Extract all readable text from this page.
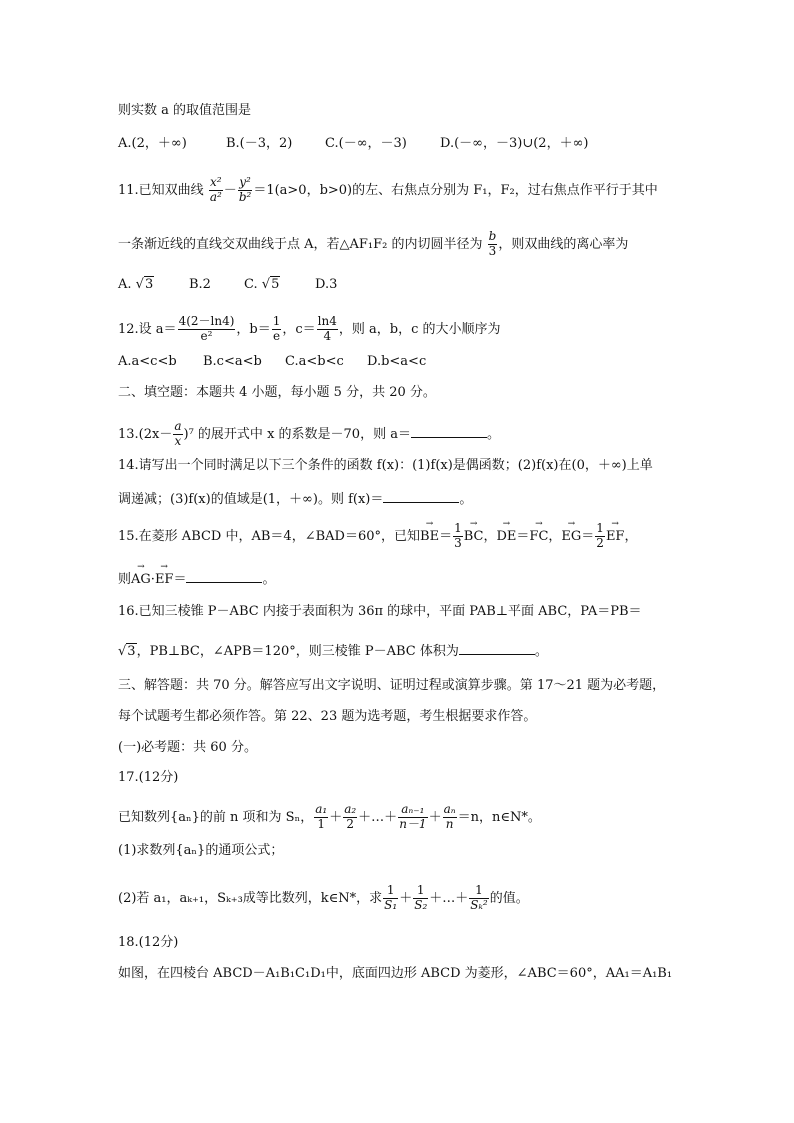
则实数 a 的取值范围是
A.(2，＋∞)	B.(－3，2)	C.(－∞，－3)	D.(－∞，－3)∪(2，＋∞)
11.已知双曲线 $\frac{\text{x²}}{\text{a²}} - \frac{\text{y²}}{\text{b²}} =1(a>0$，b>0)的左、右焦点分别为 F₁，F₂，过右焦点作平行于其中
一条渐近线的直线交双曲线于点 A，若△AF₁F₂ 的内切圆半径为 $\frac{b}{3}$ ，则双曲线的离心率为
A. √3	B.2	C. √5	D.3
12.设 $a= \frac{4(2-\ln 4)}{\text{e²}}$ ，$b= \frac{1}{e}$ ，$c= \frac{\ln 4}{4}$ ，则 a，b，c 的大小顺序为
A.a<c<b B.c<a<b C.a<b<c D.b<a<c
二、填空题：本题共 4 小题，每小题 5 分，共 20 分。
$13.(2x- \frac{a}{x} )^7$ 的展开式中 x 的系数是－70，则 a＝	。
14.请写出一个同时满足以下三个条件的函数 f(x)：(1)f(x)是偶函数；(2)f(x)在(0，＋∞)上单
调递减；(3)f(x)的值域是(1，＋∞)。则 f(x)＝	。
15.在菱形 ABCD 中，AB＝4，∠BAD＝60°，已知→ $BE= \frac{1}{3}$ → BC，→ DE＝→ FC，→ $EG= \frac{1}{2}$ → EF，
则→ AG·→ EF＝	。
16.已知三棱锥 P－ABC 内接于表面积为 36π 的球中，平面 PAB⊥平面 ABC，PA＝PB＝
√3，PB⊥BC，∠APB＝120°，则三棱锥 P－ABC 体积为	。
三、解答题：共 70 分。解答应写出文字说明、证明过程或演算步骤。第 17～21 题为必考题，
每个试题考生都必须作答。第 22、23 题为选考题，考生根据要求作答。
(一)必考题：共 60 分。
17.(12分)
已知数列{aₙ}的前 n 项和为 Sₙ， $\frac{\text{a₁}}{1} + \frac{\text{a₂}}{2}$ ＋…＋ $\frac{\text{aₙ₋₁}}{n-1} + \frac{\text{aₙ}}{n} =n$，n∈N*。
(1)求数列{aₙ}的通项公式；
(2)若 a₁，aₖ₊₁，Sₖ₊₃成等比数列，k∈N*，求 $\frac{1}{\text{S₁}} + \frac{1}{\text{S₂}}$ ＋…＋ $\frac{1}{\text{Sₖ²}}$ 的值。
18.(12分)
如图，在四棱台 ABCD－A₁B₁C₁D₁中，底面四边形 ABCD 为菱形，∠ABC＝60°，AA₁＝A₁B₁
